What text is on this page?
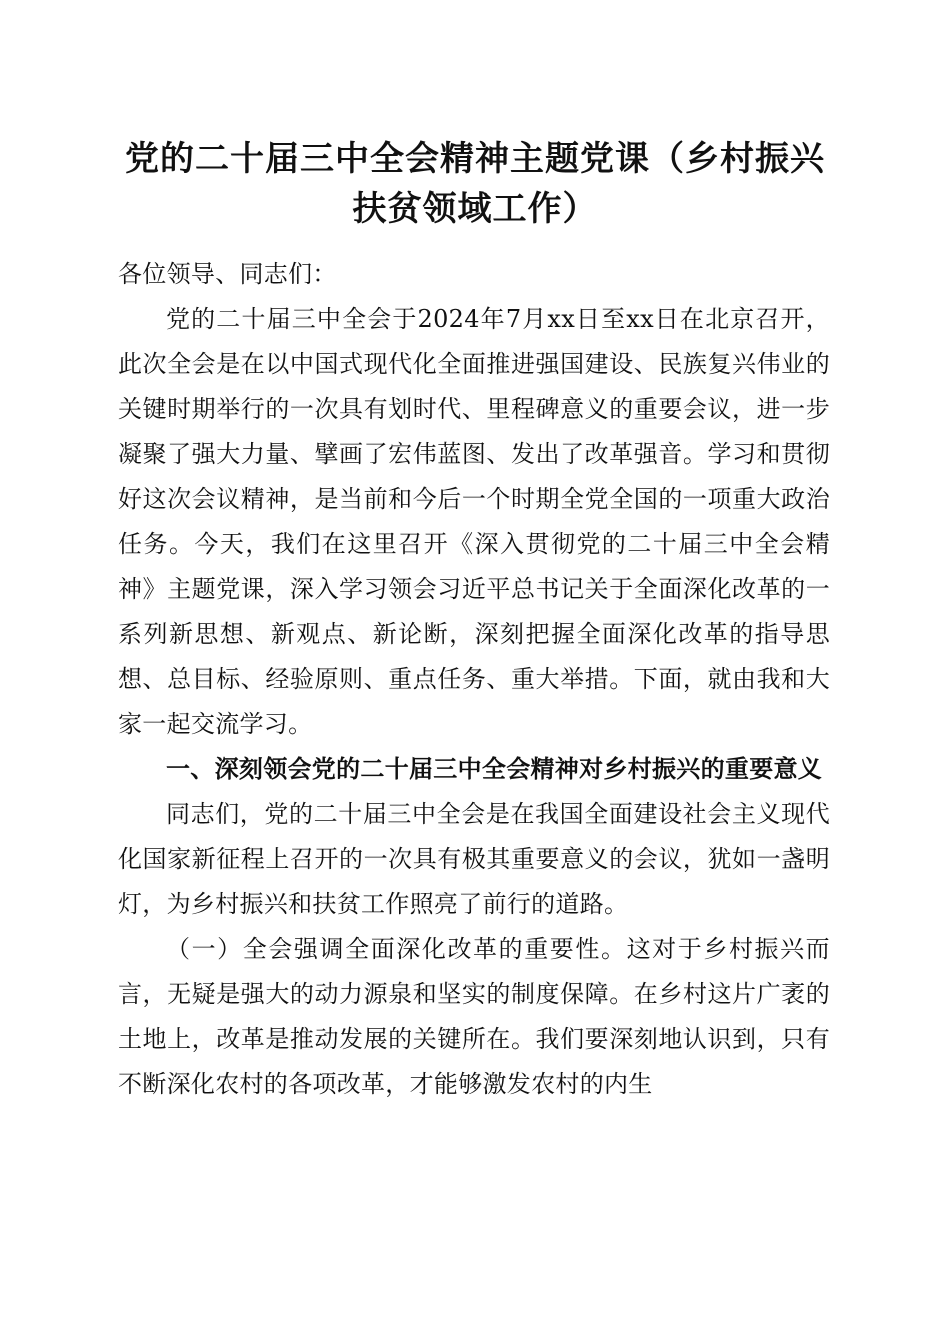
党的二十届三中全会精神主题党课（乡村振兴
扶贫领域工作）

各位领导、同志们：

党的二十届三中全会于2024年7月xx日至xx日在北京召开，此次全会是在以中国式现代化全面推进强国建设、民族复兴伟业的关键时期举行的一次具有划时代、里程碑意义的重要会议，进一步凝聚了强大力量、擘画了宏伟蓝图、发出了改革强音。学习和贯彻好这次会议精神，是当前和今后一个时期全党全国的一项重大政治任务。今天，我们在这里召开《深入贯彻党的二十届三中全会精神》主题党课，深入学习领会习近平总书记关于全面深化改革的一系列新思想、新观点、新论断，深刻把握全面深化改革的指导思想、总目标、经验原则、重点任务、重大举措。下面，就由我和大家一起交流学习。

一、深刻领会党的二十届三中全会精神对乡村振兴的重要意义

同志们，党的二十届三中全会是在我国全面建设社会主义现代化国家新征程上召开的一次具有极其重要意义的会议，犹如一盏明灯，为乡村振兴和扶贫工作照亮了前行的道路。

（一）全会强调全面深化改革的重要性。这对于乡村振兴而言，无疑是强大的动力源泉和坚实的制度保障。在乡村这片广袤的土地上，改革是推动发展的关键所在。我们要深刻地认识到，只有不断深化农村的各项改革，才能够激发农村的内生
